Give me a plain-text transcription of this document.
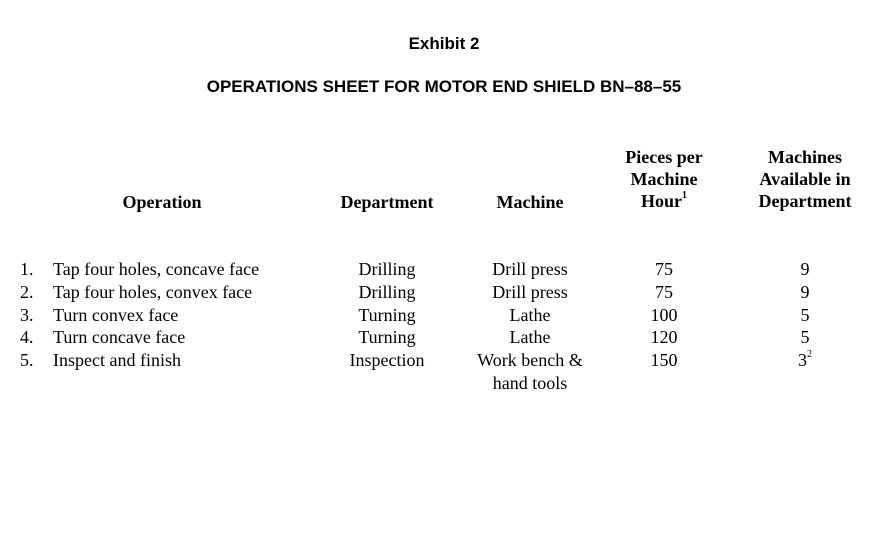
Exhibit 2
OPERATIONS SHEET FOR MOTOR END SHIELD BN–88–55
Operation	Department	Machine
Pieces per
Machine
Hour$^1$
Machines
Available in
Department
1. Tap four holes, concave face
2. Tap four holes, convex face
3. Turn convex face
4. Turn concave face
5. Inspect and finish
Drilling
Drilling
Turning
Turning
Inspection
Drill press
Drill press
Lathe
Lathe
Work bench &
hand tools
75
75
100
120
150
9
9
5
5
$3^2$
